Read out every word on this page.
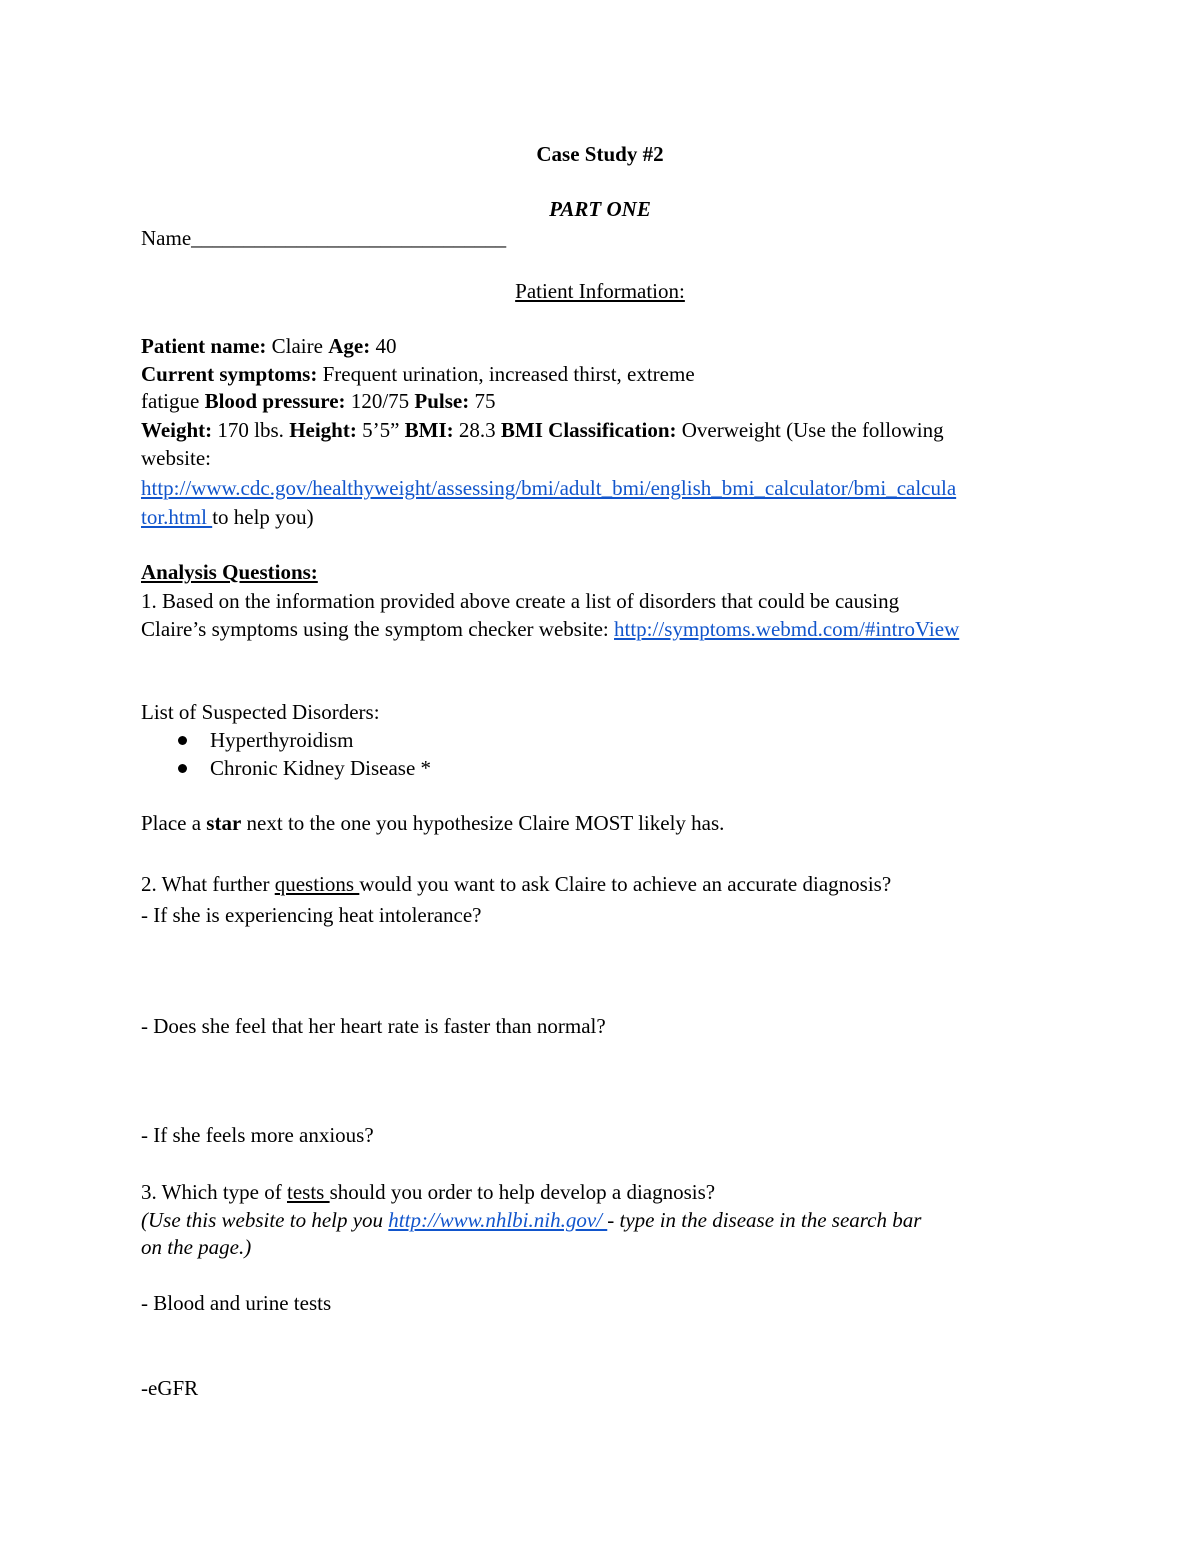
Case Study #2
PART ONE
Name______________________________
Patient Information:
Patient name: Claire Age: 40
Current symptoms: Frequent urination, increased thirst, extreme
fatigue Blood pressure: 120/75 Pulse: 75
Weight: 170 lbs. Height: 5’5” BMI: 28.3 BMI Classification: Overweight (Use the following
website:
http://www.cdc.gov/healthyweight/assessing/bmi/adult_bmi/english_bmi_calculator/bmi_calcula
tor.html to help you)
Analysis Questions:
1. Based on the information provided above create a list of disorders that could be causing
Claire’s symptoms using the symptom checker website: http://symptoms.webmd.com/#introView
List of Suspected Disorders:
Hyperthyroidism
Chronic Kidney Disease *
Place a star next to the one you hypothesize Claire MOST likely has.
2. What further questions would you want to ask Claire to achieve an accurate diagnosis?
- If she is experiencing heat intolerance?
- Does she feel that her heart rate is faster than normal?
- If she feels more anxious?
3. Which type of tests should you order to help develop a diagnosis?
(Use this website to help you http://www.nhlbi.nih.gov/ - type in the disease in the search bar
on the page.)
- Blood and urine tests
-eGFR
